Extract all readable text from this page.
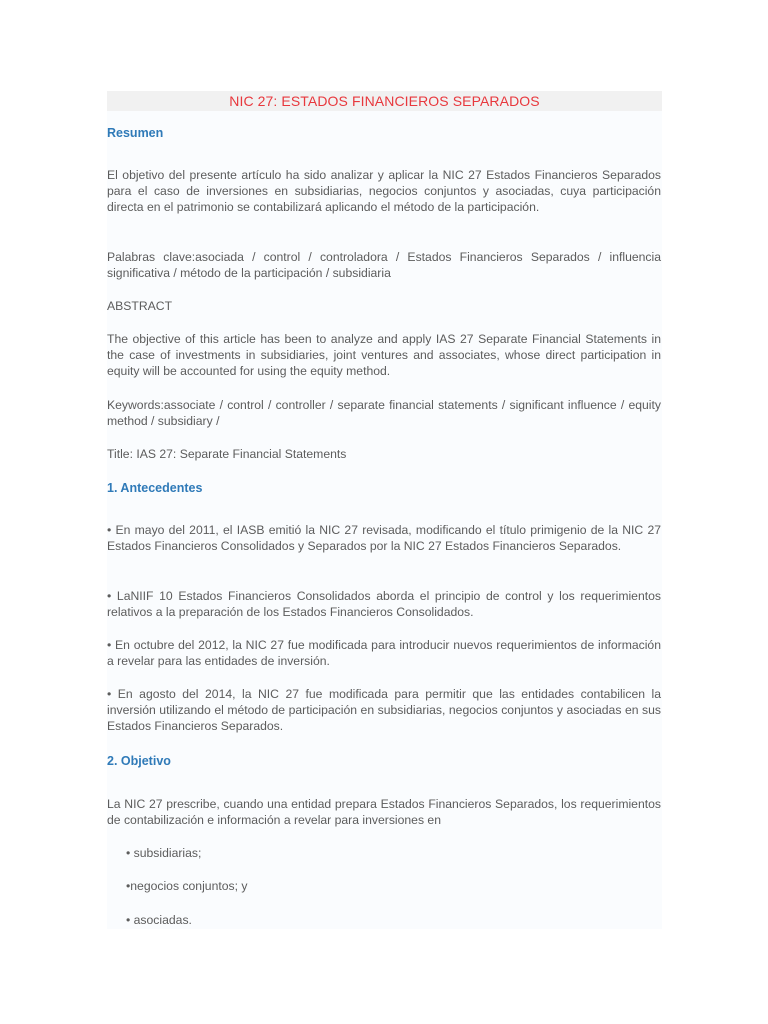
NIC 27: ESTADOS FINANCIEROS SEPARADOS
Resumen
El objetivo del presente artículo ha sido analizar y aplicar la NIC 27 Estados Financieros Separados para el caso de inversiones en subsidiarias, negocios conjuntos y asociadas, cuya participación directa en el patrimonio se contabilizará aplicando el método de la participación.
Palabras clave:asociada / control / controladora / Estados Financieros Separados / influencia significativa / método de la participación / subsidiaria
ABSTRACT
The objective of this article has been to analyze and apply IAS 27 Separate Financial Statements in the case of investments in subsidiaries, joint ventures and associates, whose direct participation in equity will be accounted for using the equity method.
Keywords:associate / control / controller / separate financial statements / significant influence / equity method / subsidiary /
Title: IAS 27: Separate Financial Statements
1. Antecedentes
• En mayo del 2011, el IASB emitió la NIC 27 revisada, modificando el título primigenio de la NIC 27 Estados Financieros Consolidados y Separados por la NIC 27 Estados Financieros Separados.
• LaNIIF 10 Estados Financieros Consolidados aborda el principio de control y los requerimientos relativos a la preparación de los Estados Financieros Consolidados.
• En octubre del 2012, la NIC 27 fue modificada para introducir nuevos requerimientos de información a revelar para las entidades de inversión.
• En agosto del 2014, la NIC 27 fue modificada para permitir que las entidades contabilicen la inversión utilizando el método de participación en subsidiarias, negocios conjuntos y asociadas en sus Estados Financieros Separados.
2. Objetivo
La NIC 27 prescribe, cuando una entidad prepara Estados Financieros Separados, los requerimientos de contabilización e información a revelar para inversiones en
• subsidiarias;
•negocios conjuntos; y
• asociadas.
